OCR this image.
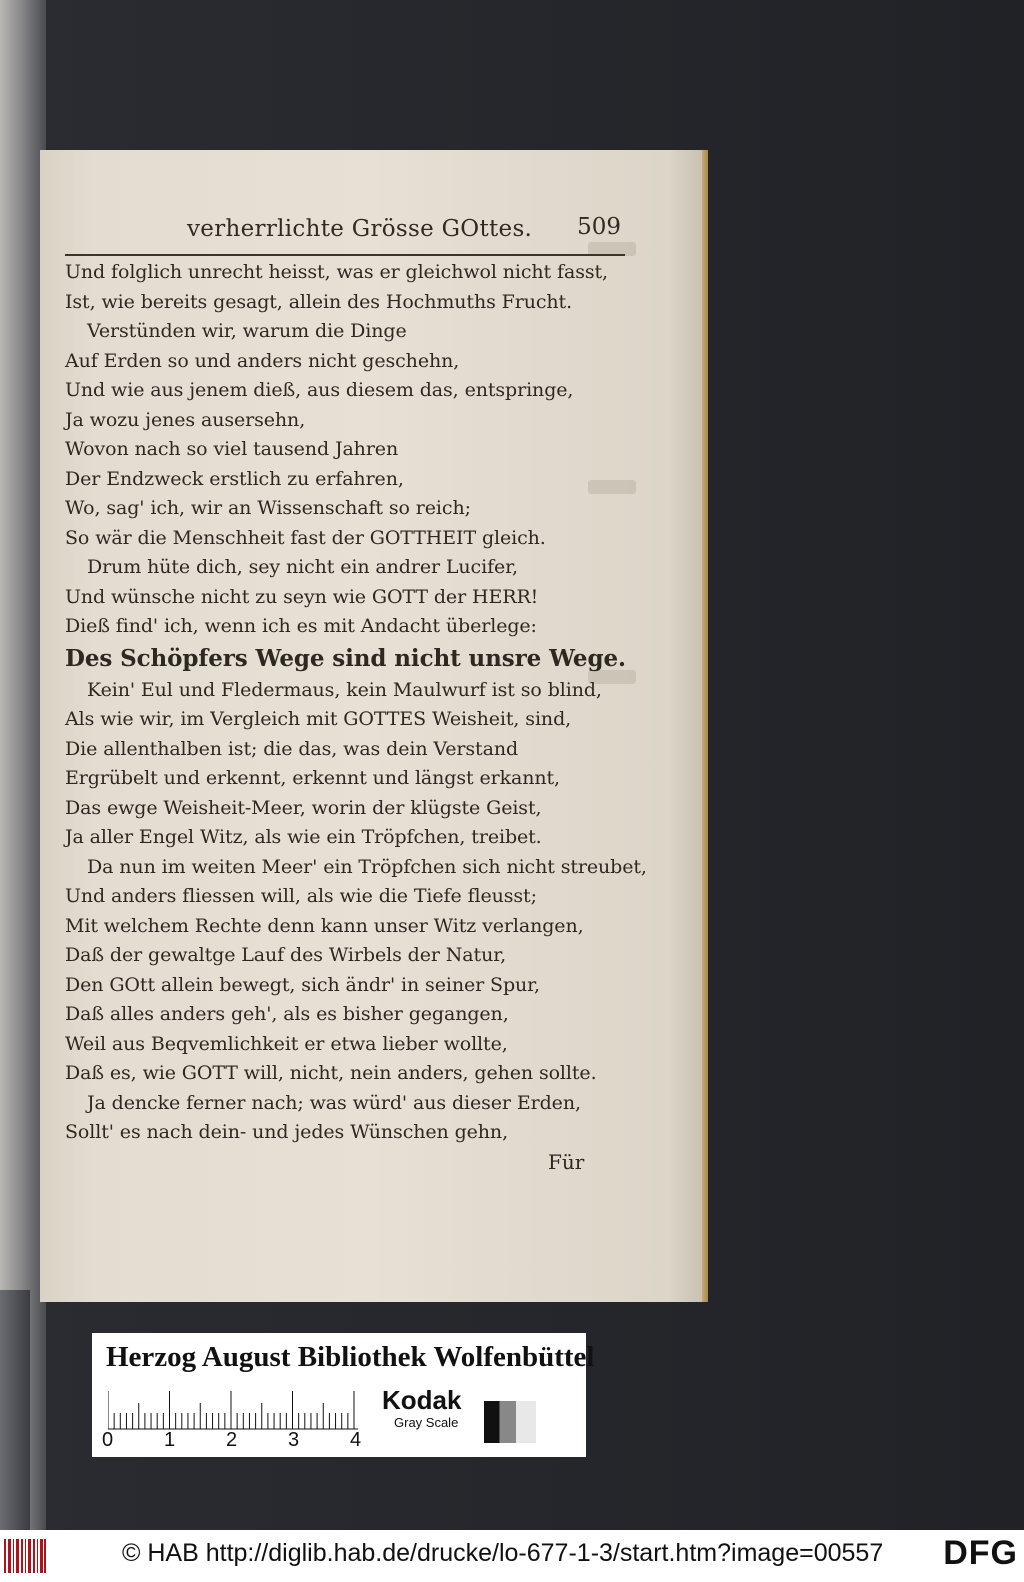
verherrlichte Grösse GOttes. 509
Und folglich unrecht heisst, was er gleichwol nicht fasst,
Ist, wie bereits gesagt, allein des Hochmuths Frucht.
Verstünden wir, warum die Dinge
Auf Erden so und anders nicht geschehn,
Und wie aus jenem dieß, aus diesem das, entspringe,
Ja wozu jenes ausersehn,
Wovon nach so viel tausend Jahren
Der Endzweck erstlich zu erfahren,
Wo, sag' ich, wir an Wissenschaft so reich;
So wär die Menschheit fast der GOTTHEIT gleich.
Drum hüte dich, sey nicht ein andrer Lucifer,
Und wünsche nicht zu seyn wie GOTT der HERR!
Dieß find' ich, wenn ich es mit Andacht überlege:
Des Schöpfers Wege sind nicht unsre Wege.
Kein' Eul und Fledermaus, kein Maulwurf ist so blind,
Als wie wir, im Vergleich mit GOTTES Weisheit, sind,
Die allenthalben ist; die das, was dein Verstand
Ergrübelt und erkennt, erkennt und längst erkannt,
Das ewge Weisheit-Meer, worin der klügste Geist,
Ja aller Engel Witz, als wie ein Tröpfchen, treibet.
Da nun im weiten Meer' ein Tröpfchen sich nicht streubet,
Und anders fliessen will, als wie die Tiefe fleusst;
Mit welchem Rechte denn kann unser Witz verlangen,
Daß der gewaltge Lauf des Wirbels der Natur,
Den GOtt allein bewegt, sich ändr' in seiner Spur,
Daß alles anders geh', als es bisher gegangen,
Weil aus Beqvemlichkeit er etwa lieber wollte,
Daß es, wie GOTT will, nicht, nein anders, gehen sollte.
Ja dencke ferner nach; was würd' aus dieser Erden,
Sollt' es nach dein- und jedes Wünschen gehn,
Für
Herzog August Bibliothek Wolfenbüttel
0	1	2	3	4
Kodak
Gray Scale
© HAB http://diglib.hab.de/drucke/lo-677-1-3/start.htm?image=00557 DFG
